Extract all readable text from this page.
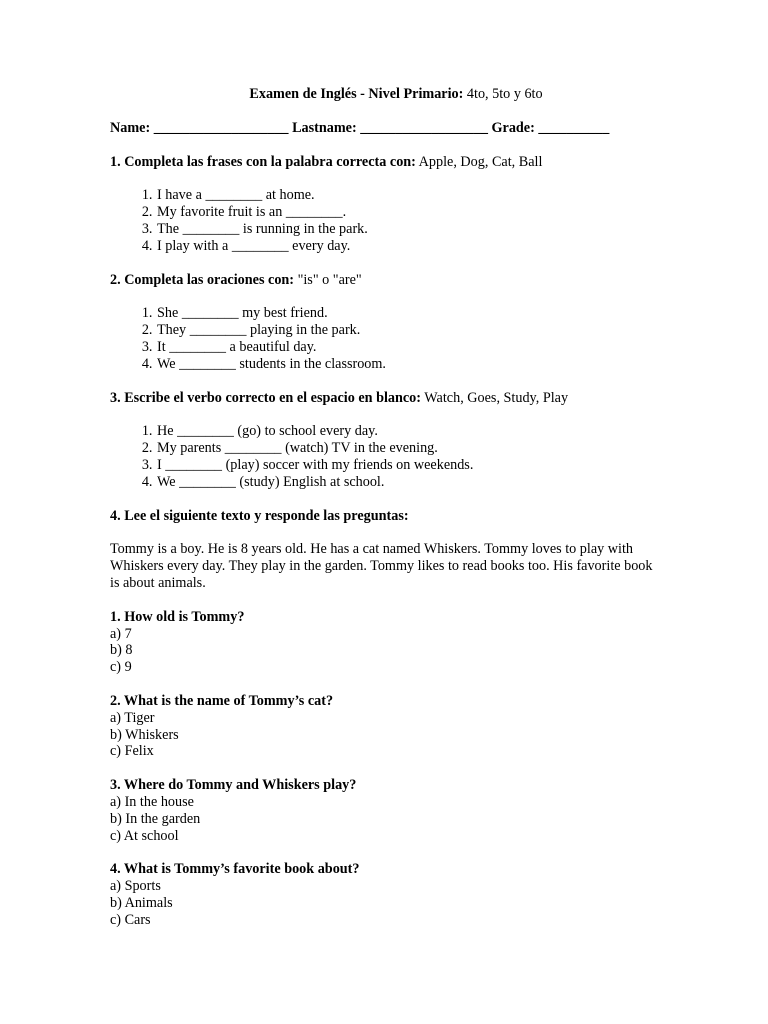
Examen de Inglés - Nivel Primario: 4to, 5to y 6to
Name: ___________________ Lastname: __________________ Grade: __________
1. Completa las frases con la palabra correcta con: Apple, Dog, Cat, Ball
1. I have a ________ at home.
2. My favorite fruit is an ________.
3. The ________ is running in the park.
4. I play with a ________ every day.
2. Completa las oraciones con: "is" o "are"
1. She ________ my best friend.
2. They ________ playing in the park.
3. It ________ a beautiful day.
4. We ________ students in the classroom.
3. Escribe el verbo correcto en el espacio en blanco: Watch, Goes, Study, Play
1. He ________ (go) to school every day.
2. My parents ________ (watch) TV in the evening.
3. I ________ (play) soccer with my friends on weekends.
4. We ________ (study) English at school.
4. Lee el siguiente texto y responde las preguntas:
Tommy is a boy. He is 8 years old. He has a cat named Whiskers. Tommy loves to play with Whiskers every day. They play in the garden. Tommy likes to read books too. His favorite book is about animals.
1. How old is Tommy?
a) 7
b) 8
c) 9
2. What is the name of Tommy’s cat?
a) Tiger
b) Whiskers
c) Felix
3. Where do Tommy and Whiskers play?
a) In the house
b) In the garden
c) At school
4. What is Tommy’s favorite book about?
a) Sports
b) Animals
c) Cars
